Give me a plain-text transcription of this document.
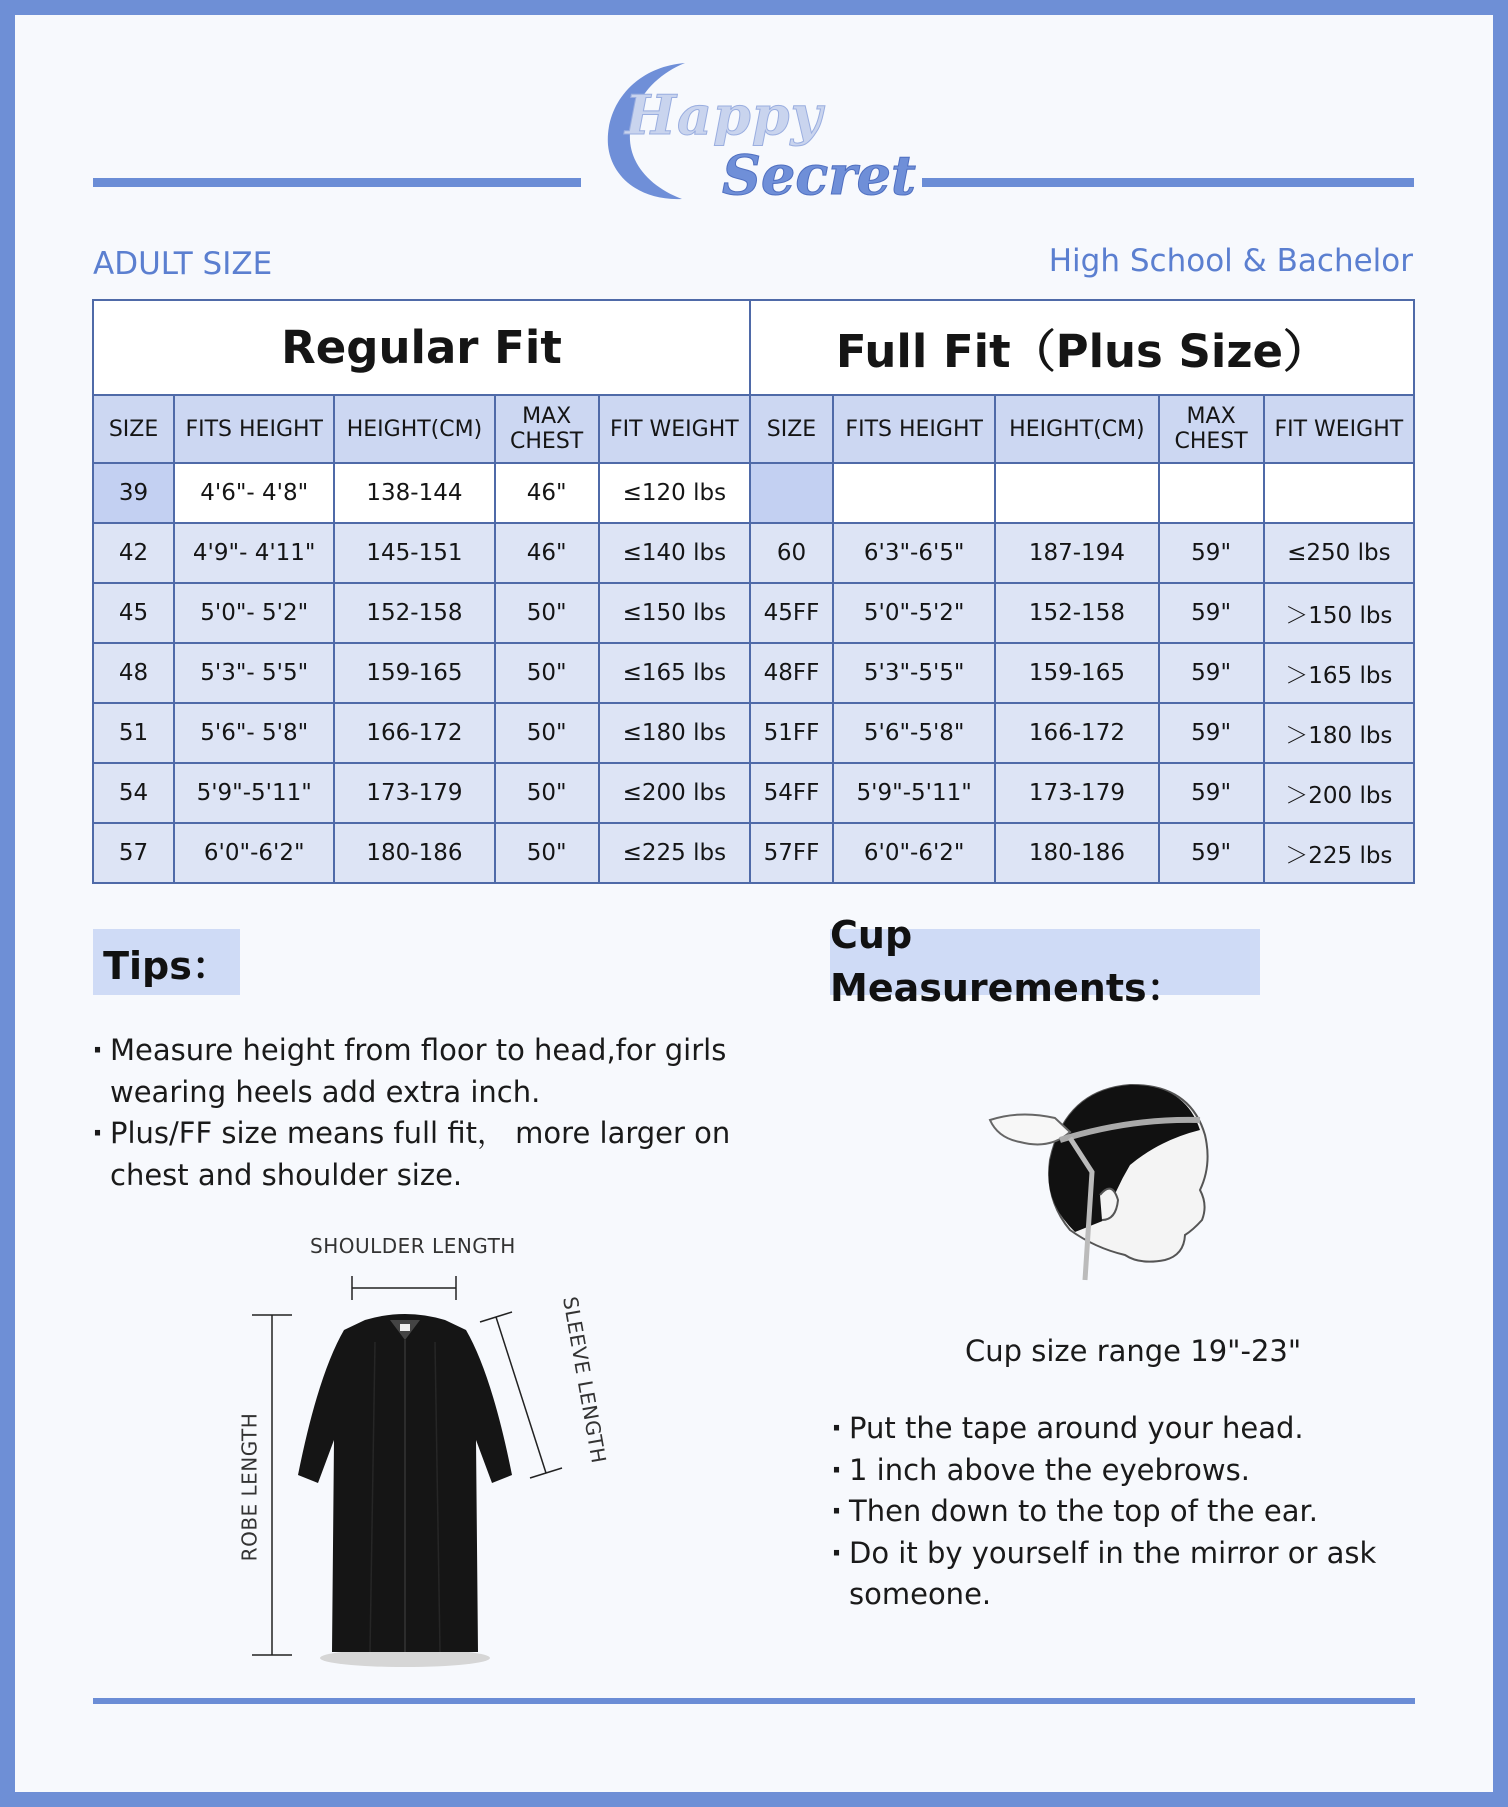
Happy
Secret
ADULT SIZE	High School & Bachelor
Regular Fit					Full Fit（Plus Size）				
SIZE	FITS HEIGHT	HEIGHT(CM)	MAX CHEST	FIT WEIGHT	SIZE	FITS HEIGHT	HEIGHT(CM)	MAX CHEST	FIT WEIGHT
39	4'6"- 4'8"	138-144	46"	≤120 lbs					
42	4'9"- 4'11"	145-151	46"	≤140 lbs	60	6'3"-6'5"	187-194	59"	≤250 lbs
45	5'0"- 5'2"	152-158	50"	≤150 lbs	45FF	5'0"-5'2"	152-158	59"	＞150 lbs
48	5'3"- 5'5"	159-165	50"	≤165 lbs	48FF	5'3"-5'5"	159-165	59"	＞165 lbs
51	5'6"- 5'8"	166-172	50"	≤180 lbs	51FF	5'6"-5'8"	166-172	59"	＞180 lbs
54	5'9"-5'11"	173-179	50"	≤200 lbs	54FF	5'9"-5'11"	173-179	59"	＞200 lbs
57	6'0"-6'2"	180-186	50"	≤225 lbs	57FF	6'0"-6'2"	180-186	59"	＞225 lbs
Tips：
· Measure height from floor to head,for girls wearing heels add extra inch.
· Plus/FF size means full fit， more larger on chest and shoulder size.
SHOULDER LENGTH
SLEEVE LENGTH
ROBE LENGTH
Cup Measurements：
Cup size range 19"-23"
· Put the tape around your head.
· 1 inch above the eyebrows.
· Then down to the top of the ear.
· Do it by yourself in the mirror or ask someone.
